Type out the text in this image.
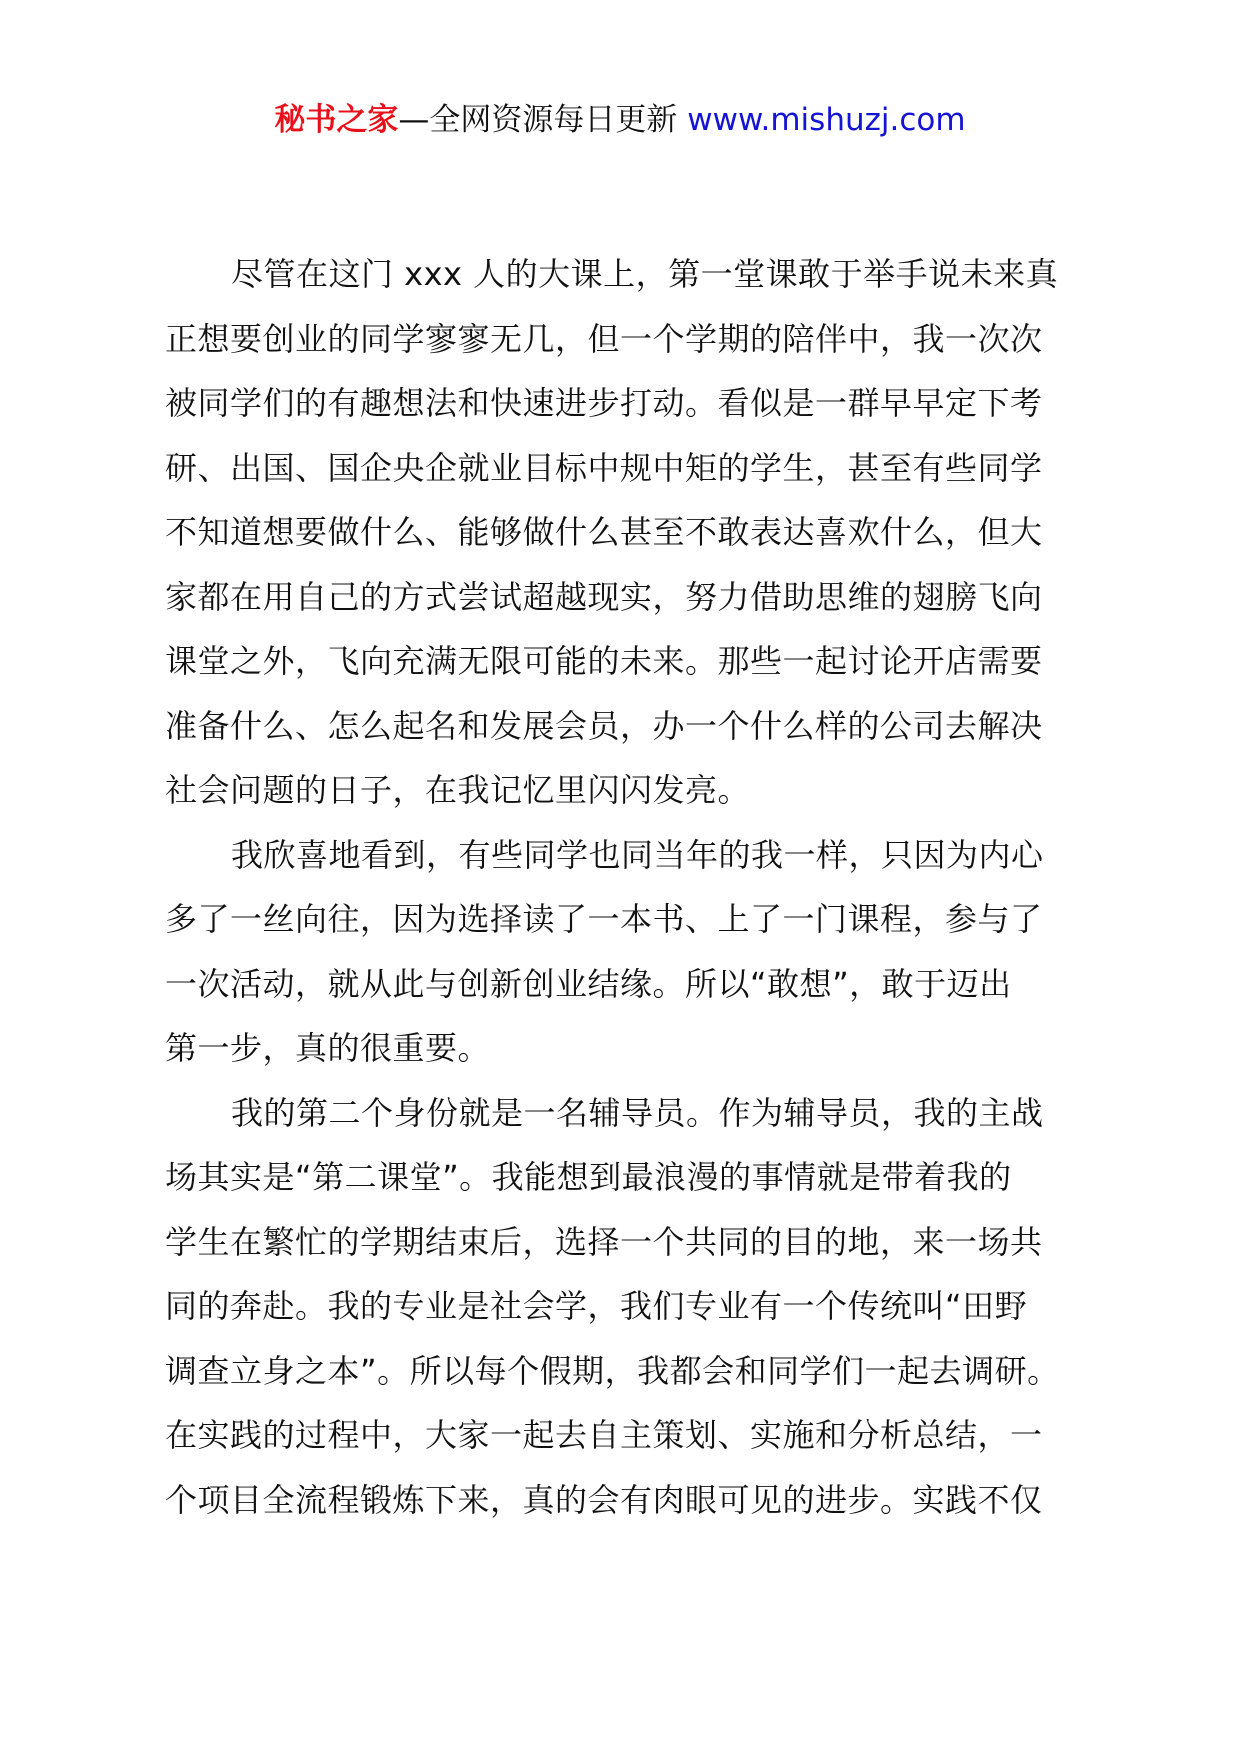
秘书之家—全网资源每日更新 www.mishuzj.com
尽管在这门 xxx 人的大课上，第一堂课敢于举手说未来真
正想要创业的同学寥寥无几，但一个学期的陪伴中，我一次次
被同学们的有趣想法和快速进步打动。看似是一群早早定下考
研、出国、国企央企就业目标中规中矩的学生，甚至有些同学
不知道想要做什么、能够做什么甚至不敢表达喜欢什么，但大
家都在用自己的方式尝试超越现实，努力借助思维的翅膀飞向
课堂之外，飞向充满无限可能的未来。那些一起讨论开店需要
准备什么、怎么起名和发展会员，办一个什么样的公司去解决
社会问题的日子，在我记忆里闪闪发亮。
我欣喜地看到，有些同学也同当年的我一样，只因为内心
多了一丝向往，因为选择读了一本书、上了一门课程，参与了
一次活动，就从此与创新创业结缘。所以“敢想”，敢于迈出
第一步，真的很重要。
我的第二个身份就是一名辅导员。作为辅导员，我的主战
场其实是“第二课堂”。我能想到最浪漫的事情就是带着我的
学生在繁忙的学期结束后，选择一个共同的目的地，来一场共
同的奔赴。我的专业是社会学，我们专业有一个传统叫“田野
调查立身之本”。所以每个假期，我都会和同学们一起去调研。
在实践的过程中，大家一起去自主策划、实施和分析总结，一
个项目全流程锻炼下来，真的会有肉眼可见的进步。实践不仅
